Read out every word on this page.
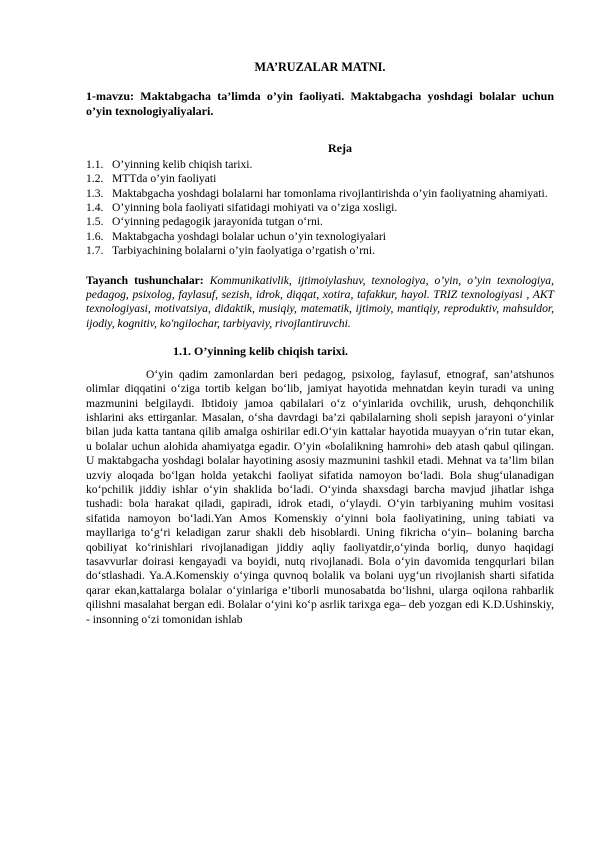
MA’RUZALAR MATNI.
1-mavzu: Maktabgacha ta’limda o’yin faoliyati. Maktabgacha yoshdagi bolalar uchun o’yin texnologiyaliyalari.
Reja
1.1. O’yinning kelib chiqish tarixi.
1.2. MTTda o’yin faoliyati
1.3. Maktabgacha yoshdagi bolalarni har tomonlama rivojlantirishda o’yin faoliyatning ahamiyati.
1.4. O’yinning bola faoliyati sifatidagi mohiyati va o’ziga xosligi.
1.5. O‘yinning pedagogik jarayonida tutgan o‘rni.
1.6. Maktabgacha yoshdagi bolalar uchun o’yin texnologiyalari
1.7. Tarbiyachining bolalarni o’yin faolyatiga o’rgatish o’rni.

Tayanch tushunchalar: Kommunikativlik, ijtimoiylashuv, texnologiya, o’yin, o’yin texnologiya, pedagog, psixolog, faylasuf, sezish, idrok, diqqat, xotira, tafakkur, hayol. TRIZ texnologiyasi , AKT texnologiyasi, motivatsiya, didaktik, musiqiy, matematik, ijtimoiy, mantiqiy, reproduktiv, mahsuldor, ijodiy, kognitiv, ko'ngilochar, tarbiyaviy, rivojlantiruvchi.

1.1. O’yinning kelib chiqish tarixi.

O‘yin qadim zamonlardan beri pedagog, psixolog, faylasuf, etnograf, san’atshunos olimlar diqqatini o‘ziga tortib kelgan bo‘lib, jamiyat hayotida mehnatdan keyin turadi va uning mazmunini belgilaydi. Ibtidoiy jamoa qabilalari o‘z o‘yinlarida ovchilik, urush, dehqonchilik ishlarini aks ettirganlar. Masalan, o‘sha davrdagi ba’zi qabilalarning sholi sepish jarayoni o‘yinlar bilan juda katta tantana qilib amalga oshirilar edi.O‘yin kattalar hayotida muayyan o‘rin tutar ekan, u bolalar uchun alohida ahamiyatga egadir. O’yin «bolalikning hamrohi» deb atash qabul qilingan. U maktabgacha yoshdagi bolalar hayotining asosiy mazmunini tashkil etadi. Mehnat va ta’lim bilan uzviy aloqada bo‘lgan holda yetakchi faoliyat sifatida namoyon bo‘ladi. Bola shug‘ulanadigan ko‘pchilik jiddiy ishlar o‘yin shaklida bo‘ladi. O‘yinda shaxsdagi barcha mavjud jihatlar ishga tushadi: bola harakat qiladi, gapiradi, idrok etadi, o‘ylaydi. O‘yin tarbiyaning muhim vositasi sifatida namoyon bo‘ladi.Yan Amos Komenskiy o‘yinni bola faoliyatining, uning tabiati va mayllariga to‘g‘ri keladigan zarur shakli deb hisoblardi. Uning fikricha o‘yin– bolaning barcha qobiliyat ko‘rinishlari rivojlanadigan jiddiy aqliy faoliyatdir,o‘yinda borliq, dunyo haqidagi tasavvurlar doirasi kengayadi va boyidi, nutq rivojlanadi. Bola o‘yin davomida tengqurlari bilan do‘stlashadi. Ya.A.Komenskiy o‘yinga quvnoq bolalik va bolani uyg‘un rivojlanish sharti sifatida qarar ekan,kattalarga bolalar o‘yinlariga e’tiborli munosabatda bo‘lishni, ularga oqilona rahbarlik qilishni masalahat bergan edi. Bolalar o‘yini ko‘p asrlik tarixga ega– deb yozgan edi K.D.Ushinskiy, - insonning o‘zi tomonidan ishlab
